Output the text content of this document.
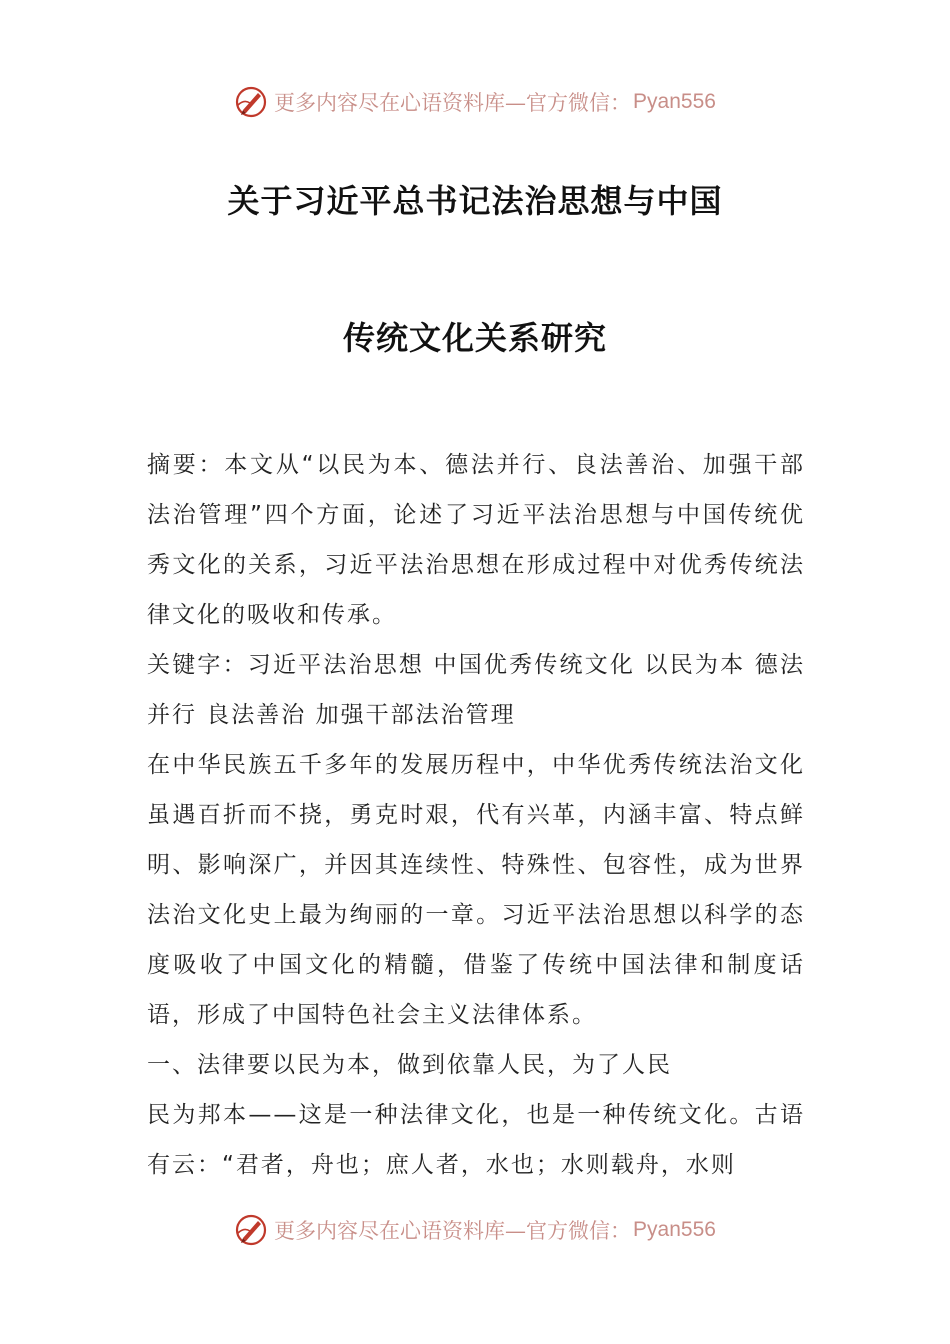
更多内容尽在心语资料库—官方微信： Pyan556
关于习近平总书记法治思想与中国
传统文化关系研究

摘要：本文从“以民为本、德法并行、良法善治、加强干部法治管理”四个方面，论述了习近平法治思想与中国传统优秀文化的关系，习近平法治思想在形成过程中对优秀传统法律文化的吸收和传承。

关键字：习近平法治思想 中国优秀传统文化 以民为本 德法并行 良法善治 加强干部法治管理

在中华民族五千多年的发展历程中，中华优秀传统法治文化虽遇百折而不挠，勇克时艰，代有兴革，内涵丰富、特点鲜明、影响深广，并因其连续性、特殊性、包容性，成为世界法治文化史上最为绚丽的一章。习近平法治思想以科学的态度吸收了中国文化的精髓，借鉴了传统中国法律和制度话语，形成了中国特色社会主义法律体系。

一、法律要以民为本，做到依靠人民，为了人民

民为邦本——这是一种法律文化，也是一种传统文化。古语有云：“君者，舟也；庶人者，水也；水则载舟，水则

更多内容尽在心语资料库—官方微信： Pyan556
